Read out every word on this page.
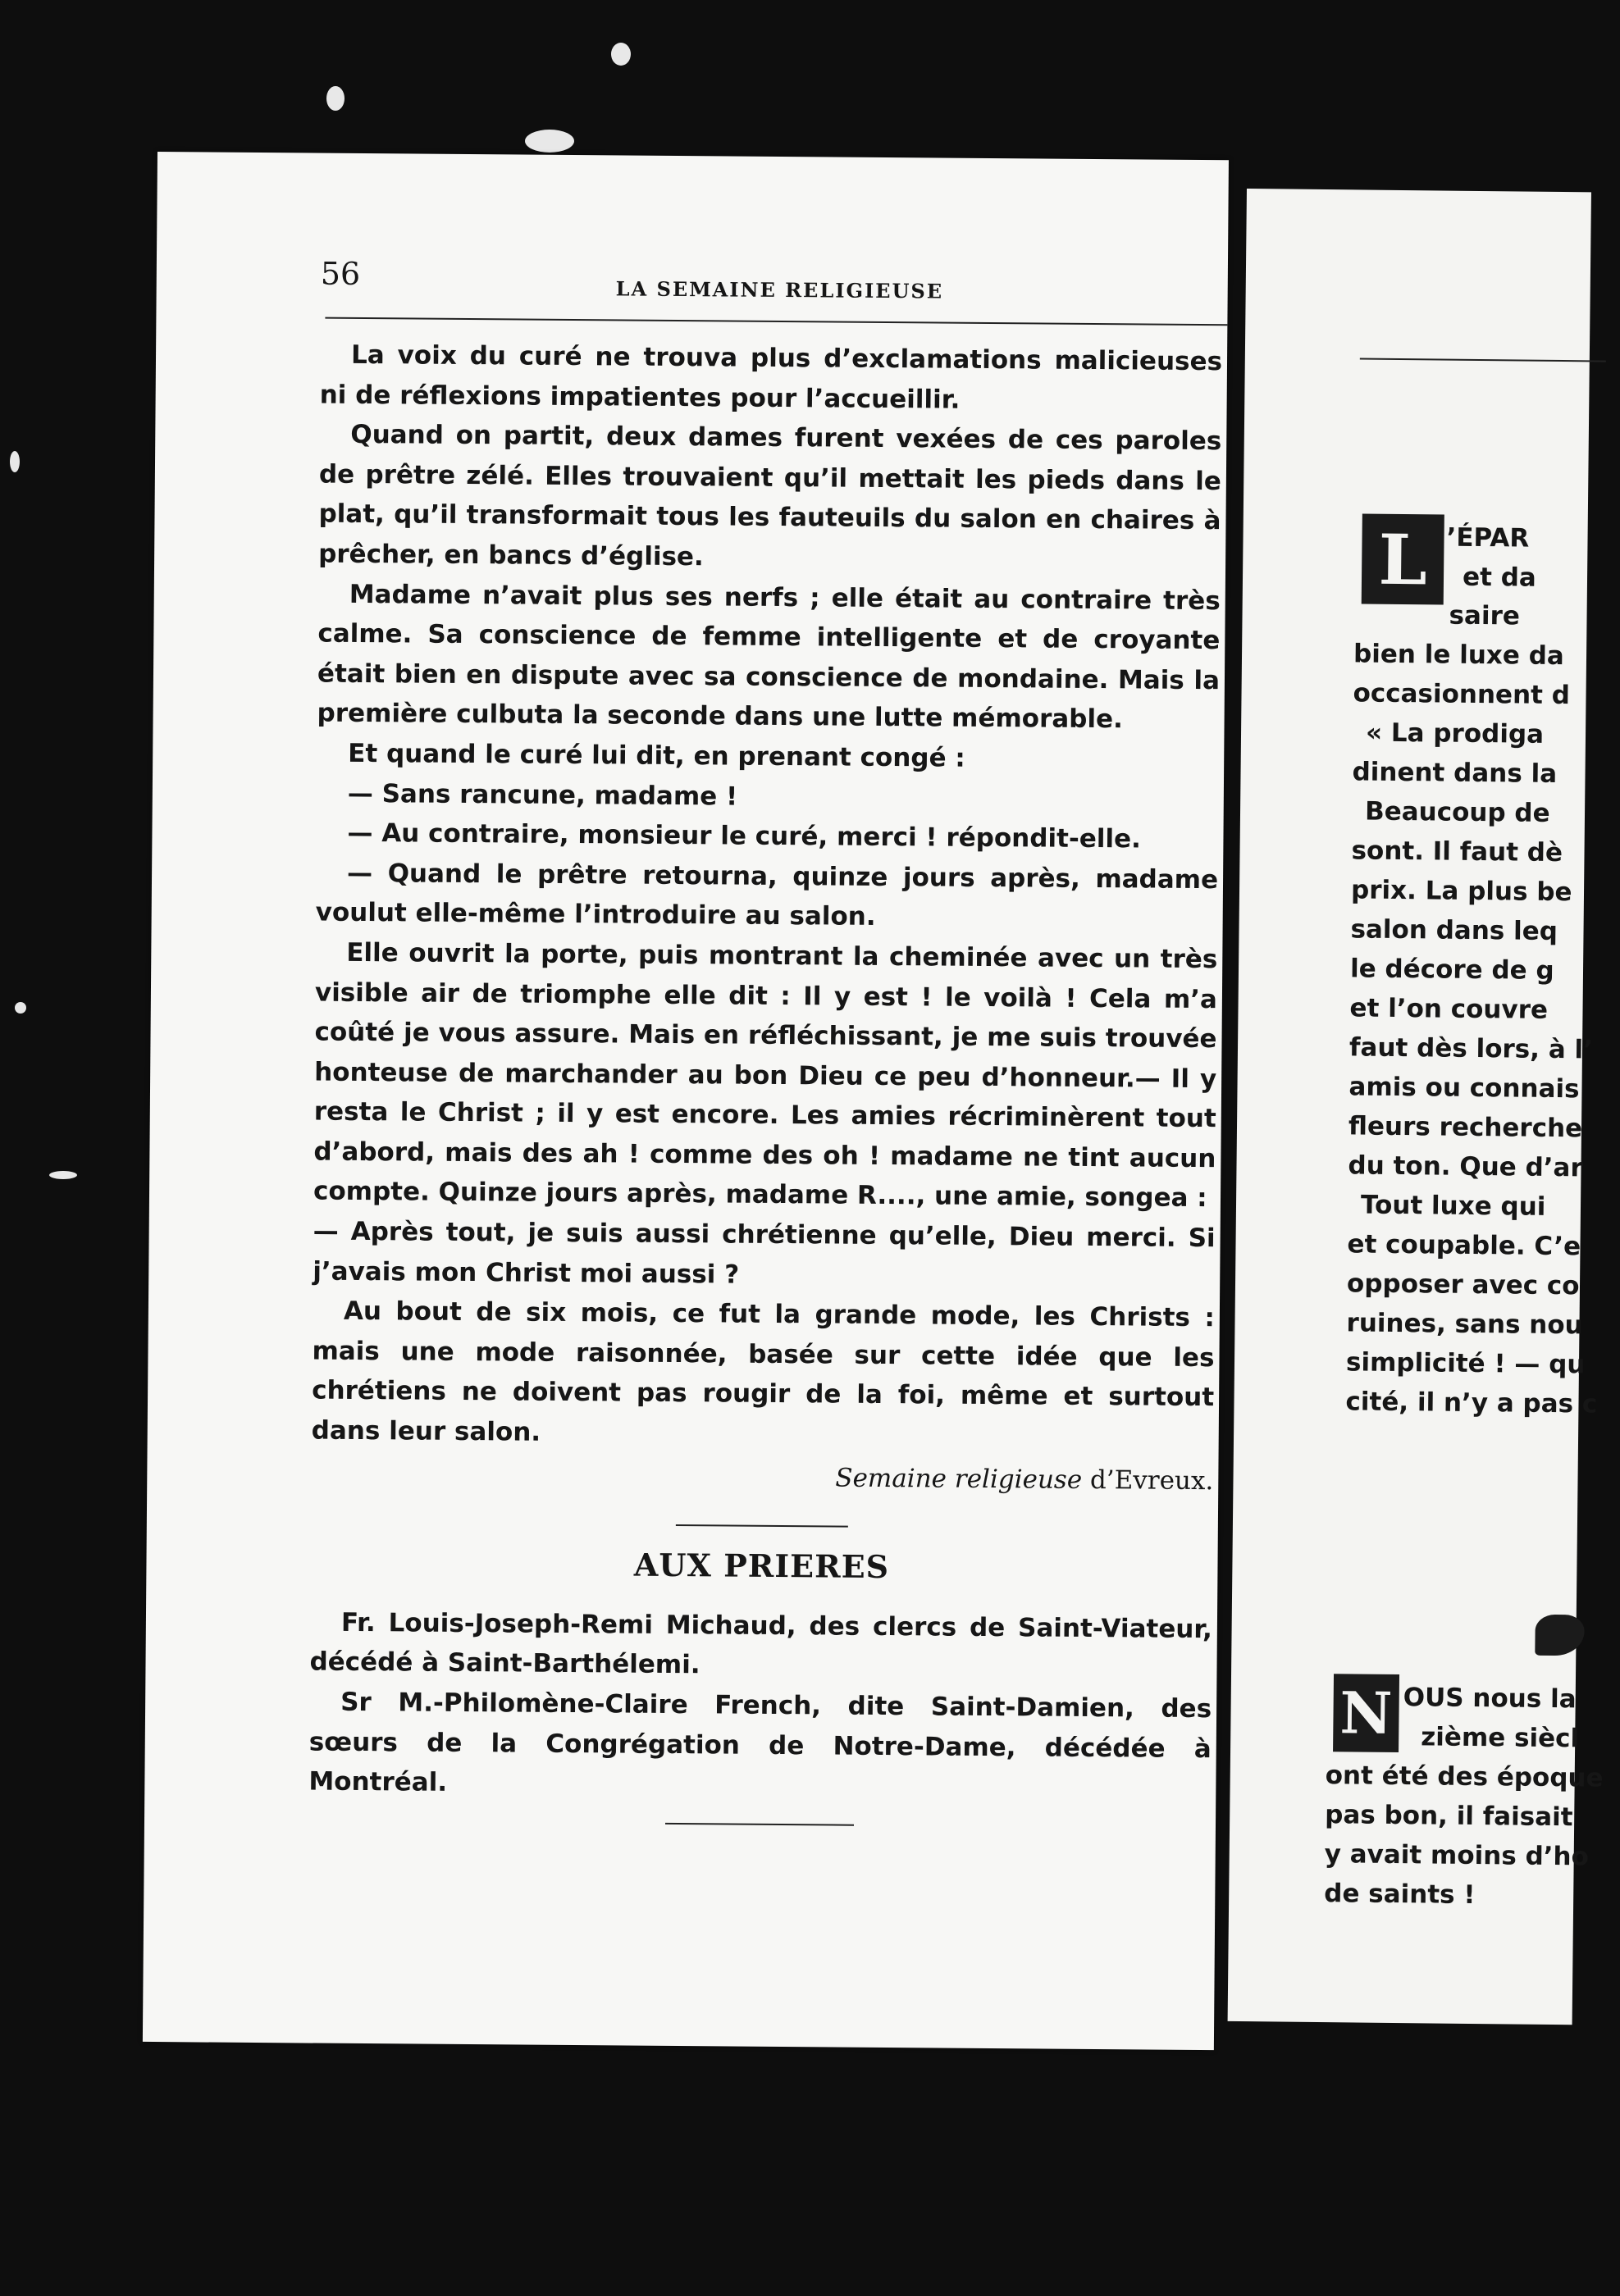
56	LA SEMAINE RELIGIEUSE

La voix du curé ne trouva plus d’exclamations malicieuses ni de réflexions impatientes pour l’accueillir.

Quand on partit, deux dames furent vexées de ces paroles de prêtre zélé. Elles trouvaient qu’il mettait les pieds dans le plat, qu’il transformait tous les fauteuils du salon en chaires à prêcher, en bancs d’église.

Madame n’avait plus ses nerfs ; elle était au contraire très calme. Sa conscience de femme intelligente et de croyante était bien en dispute avec sa conscience de mondaine. Mais la première culbuta la seconde dans une lutte mémorable.

Et quand le curé lui dit, en prenant congé :

— Sans rancune, madame !

— Au contraire, monsieur le curé, merci ! répondit-elle.

— Quand le prêtre retourna, quinze jours après, madame voulut elle-même l’introduire au salon.

Elle ouvrit la porte, puis montrant la cheminée avec un très visible air de triomphe elle dit : Il y est ! le voilà ! Cela m’a coûté je vous assure. Mais en réfléchissant, je me suis trouvée honteuse de marchander au bon Dieu ce peu d’honneur.— Il y resta le Christ ; il y est encore. Les amies récriminèrent tout d’abord, mais des ah ! comme des oh ! madame ne tint aucun compte. Quinze jours après, madame R...., une amie, songea :

— Après tout, je suis aussi chrétienne qu’elle, Dieu merci. Si j’avais mon Christ moi aussi ?

Au bout de six mois, ce fut la grande mode, les Christs : mais une mode raisonnée, basée sur cette idée que les chrétiens ne doivent pas rougir de la foi, même et surtout dans leur salon.

Semaine religieuse d’Evreux.
AUX PRIERES

Fr. Louis-Joseph-Remi Michaud, des clercs de Saint-Viateur, décédé à Saint-Barthélemi.

Sr M.-Philomène-Claire French, dite Saint-Damien, des sœurs de la Congrégation de Notre-Dame, décédée à Montréal.

L ’ÉPAR
et da
saire
bien le luxe da
occasionnent d
« La prodiga
dinent dans la
Beaucoup de
sont. Il faut dè
prix. La plus be
salon dans leq
le décore de g
et l’on couvre
faut dès lors, à l’
amis ou connais
fleurs recherche
du ton. Que d’ar
Tout luxe qui
et coupable. C’e
opposer avec co
ruines, sans nou
simplicité ! — qu
cité, il n’y a pas c
N OUS nous la
zième siècl
ont été des époque
pas bon, il faisait
y avait moins d’ho
de saints !
